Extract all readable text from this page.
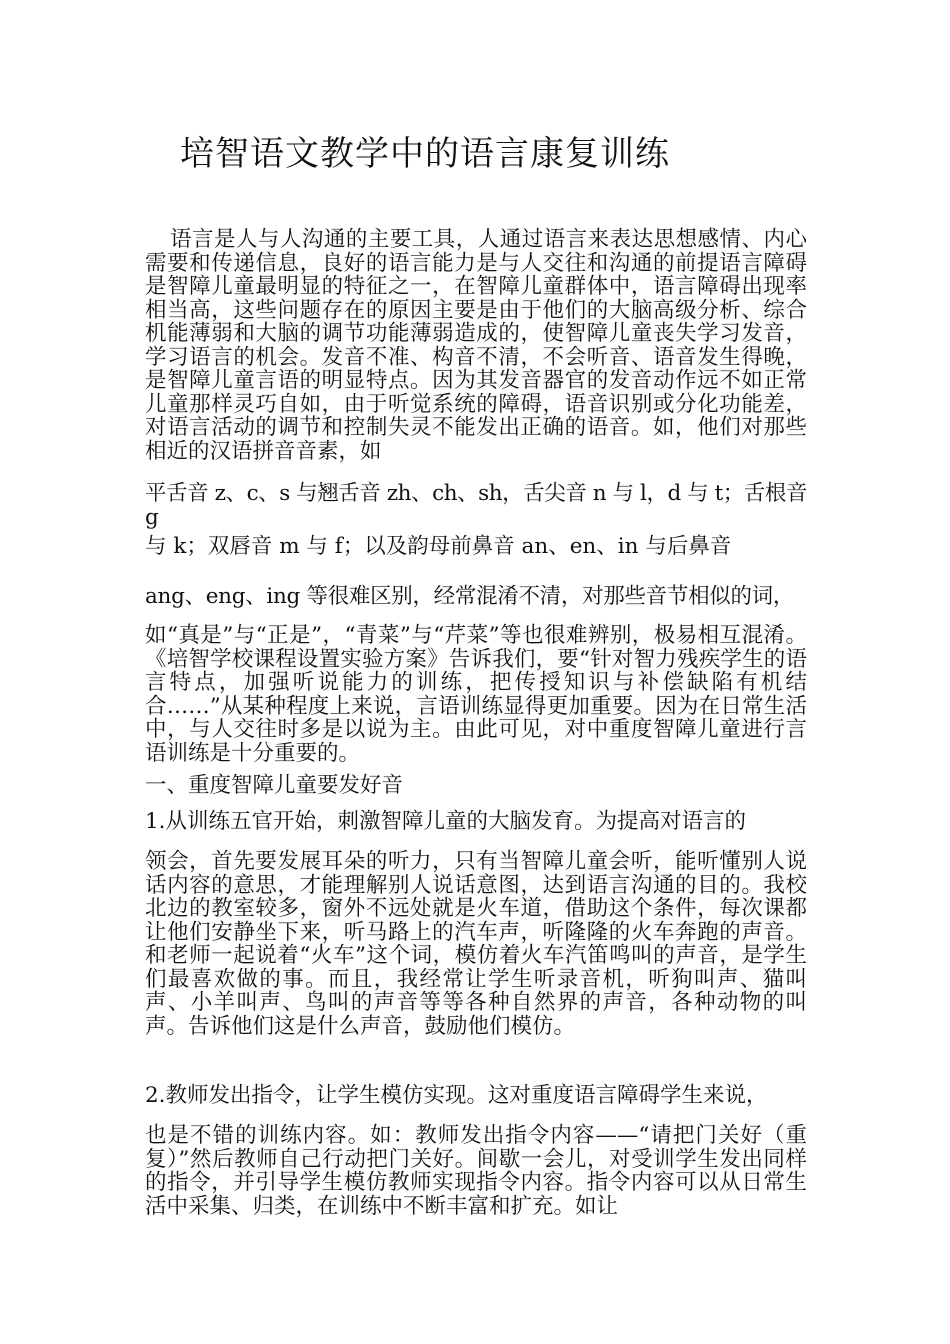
培智语文教学中的语言康复训练

语言是人与人沟通的主要工具，人通过语言来表达思想感情、内心需要和传递信息，良好的语言能力是与人交往和沟通的前提语言障碍是智障儿童最明显的特征之一，在智障儿童群体中，语言障碍出现率相当高，这些问题存在的原因主要是由于他们的大脑高级分析、综合机能薄弱和大脑的调节功能薄弱造成的，使智障儿童丧失学习发音，学习语言的机会。发音不准、构音不清，不会听音、语音发生得晚，是智障儿童言语的明显特点。因为其发音器官的发音动作远不如正常儿童那样灵巧自如，由于听觉系统的障碍，语音识别或分化功能差，对语言活动的调节和控制失灵不能发出正确的语音。如，他们对那些相近的汉语拼音音素，如

平舌音 z、c、s 与翘舌音 zh、ch、sh，舌尖音 n 与 l，d 与 t；舌根音 g

与 k；双唇音 m 与 f；以及韵母前鼻音 an、en、in 与后鼻音

ang、eng、ing 等很难区别，经常混淆不清，对那些音节相似的词，

如“真是”与“正是”，“青菜”与“芹菜”等也很难辨别，极易相互混淆。《培智学校课程设置实验方案》告诉我们，要“针对智力残疾学生的语言特点，加强听说能力的训练，把传授知识与补偿缺陷有机结合……”从某种程度上来说，言语训练显得更加重要。因为在日常生活中，与人交往时多是以说为主。由此可见，对中重度智障儿童进行言语训练是十分重要的。

一、重度智障儿童要发好音

1.从训练五官开始，刺激智障儿童的大脑发育。为提高对语言的

领会，首先要发展耳朵的听力，只有当智障儿童会听，能听懂别人说话内容的意思，才能理解别人说话意图，达到语言沟通的目的。我校北边的教室较多，窗外不远处就是火车道，借助这个条件，每次课都让他们安静坐下来，听马路上的汽车声，听隆隆的火车奔跑的声音。和老师一起说着“火车”这个词，模仿着火车汽笛鸣叫的声音，是学生们最喜欢做的事。而且，我经常让学生听录音机，听狗叫声、猫叫声、小羊叫声、鸟叫的声音等等各种自然界的声音，各种动物的叫声。告诉他们这是什么声音，鼓励他们模仿。

2.教师发出指令，让学生模仿实现。这对重度语言障碍学生来说，

也是不错的训练内容。如：教师发出指令内容——“请把门关好（重复）”然后教师自己行动把门关好。间歇一会儿，对受训学生发出同样的指令，并引导学生模仿教师实现指令内容。指令内容可以从日常生活中采集、归类，在训练中不断丰富和扩充。如让
